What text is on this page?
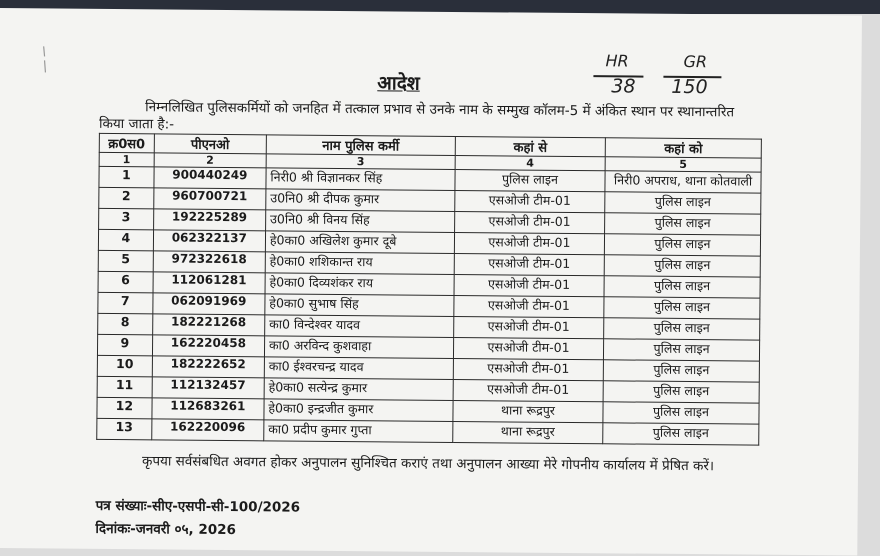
आदेश
HR
38
GR
150
निम्नलिखित पुलिसकर्मियों को जनहित में तत्काल प्रभाव से उनके नाम के सम्मुख कॉलम-5 में अंकित स्थान पर स्थानान्तरित किया जाता है:-
क्र0स0	पीएनओ	नाम पुलिस कर्मी	कहां से	कहां को
1	2	3	4	5
1	900440249	निरी0 श्री विज्ञानकर सिंह	पुलिस लाइन	निरी0 अपराध, थाना कोतवाली
2	960700721	उ0नि0 श्री दीपक कुमार	एसओजी टीम-01	पुलिस लाइन
3	192225289	उ0नि0 श्री विनय सिंह	एसओजी टीम-01	पुलिस लाइन
4	062322137	हे0का0 अखिलेश कुमार दूबे	एसओजी टीम-01	पुलिस लाइन
5	972322618	हे0का0 शशिकान्त राय	एसओजी टीम-01	पुलिस लाइन
6	112061281	हे0का0 दिव्यशंकर राय	एसओजी टीम-01	पुलिस लाइन
7	062091969	हे0का0 सुभाष सिंह	एसओजी टीम-01	पुलिस लाइन
8	182221268	का0 विन्देश्वर यादव	एसओजी टीम-01	पुलिस लाइन
9	162220458	का0 अरविन्द कुशवाहा	एसओजी टीम-01	पुलिस लाइन
10	182222652	का0 ईश्वरचन्द्र यादव	एसओजी टीम-01	पुलिस लाइन
11	112132457	हे0का0 सत्येन्द्र कुमार	एसओजी टीम-01	पुलिस लाइन
12	112683261	हे0का0 इन्द्रजीत कुमार	थाना रूद्रपुर	पुलिस लाइन
13	162220096	का0 प्रदीप कुमार गुप्ता	थाना रूद्रपुर	पुलिस लाइन
कृपया सर्वसंबधित अवगत होकर अनुपालन सुनिश्चित कराएं तथा अनुपालन आख्या मेरे गोपनीय कार्यालय में प्रेषित करें।
पत्र संख्याः-सीए-एसपी-सी-100/2026
दिनांकः-जनवरी ०५, 2026
